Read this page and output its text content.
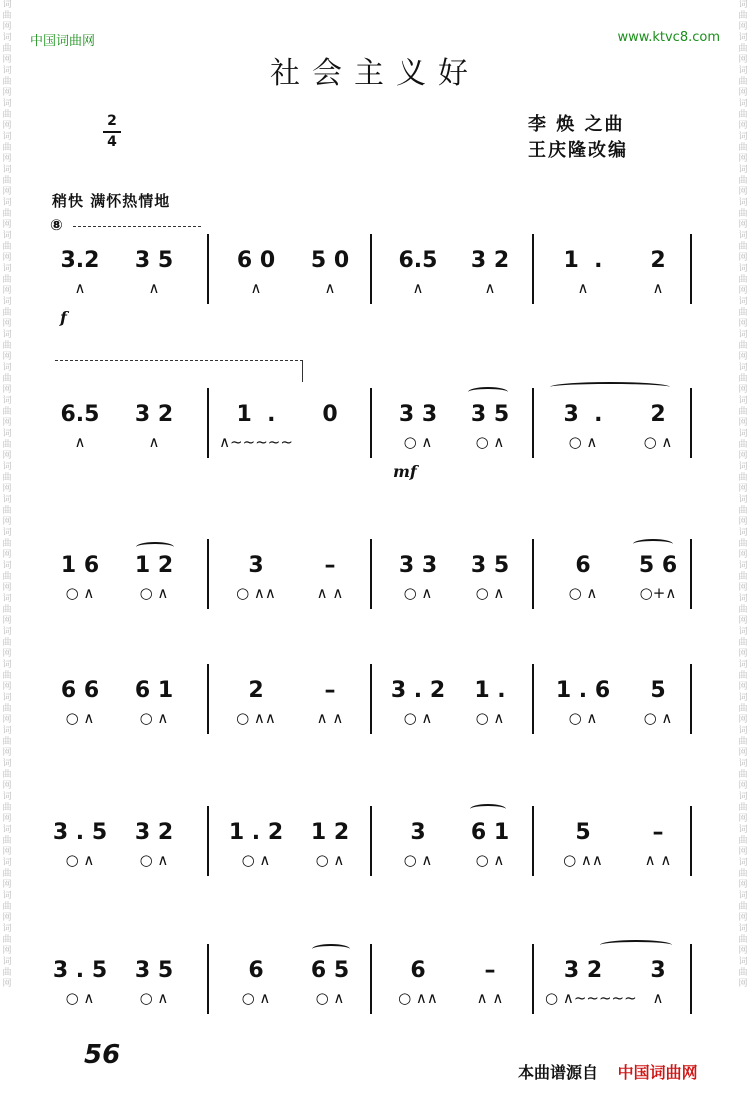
词曲网词曲网词曲网词曲网词曲网词曲网词曲网词曲网词曲网词曲网词曲网词曲网词曲网词曲网词曲网词曲网词曲网词曲网词曲网词曲网词曲网词曲网词曲网词曲网词曲网词曲网词曲网词曲网词曲网词曲网
词曲网词曲网词曲网词曲网词曲网词曲网词曲网词曲网词曲网词曲网词曲网词曲网词曲网词曲网词曲网词曲网词曲网词曲网词曲网词曲网词曲网词曲网词曲网词曲网词曲网词曲网词曲网词曲网词曲网词曲网
中国词曲网	www.ktvc8.com
社会主义好
2
4
李 焕 之曲
王庆隆改编
稍快 满怀热情地
⑧
f
mf
3.2
∧
3 5
∧
6 0
∧
5 0
∧
6.5
∧
3 2
∧
1  .
∧
2
∧
6.5
∧
3 2
∧
1  .
∧~~~~~
0	3 3
○ ∧
3 5
○ ∧
3  .
○ ∧
2
○ ∧
1 6
○ ∧
1 2
○ ∧
3
○ ∧∧
–
∧ ∧
3 3
○ ∧
3 5
○ ∧
6
○ ∧
5 6
○+∧
6 6
○ ∧
6 1
○ ∧
2
○ ∧∧
–
∧ ∧
3 . 2
○ ∧
1 .
○ ∧
1 . 6
○ ∧
5
○ ∧
3 . 5
○ ∧
3 2
○ ∧
1 . 2
○ ∧
1 2
○ ∧
3
○ ∧
6 1
○ ∧
5
○ ∧∧
–
∧ ∧
3 . 5
○ ∧
3 5
○ ∧
6
○ ∧
6 5
○ ∧
6
○ ∧∧
–
∧ ∧
3 2
○ ∧~~~~~
3
∧
56
本曲谱源自 中国词曲网
